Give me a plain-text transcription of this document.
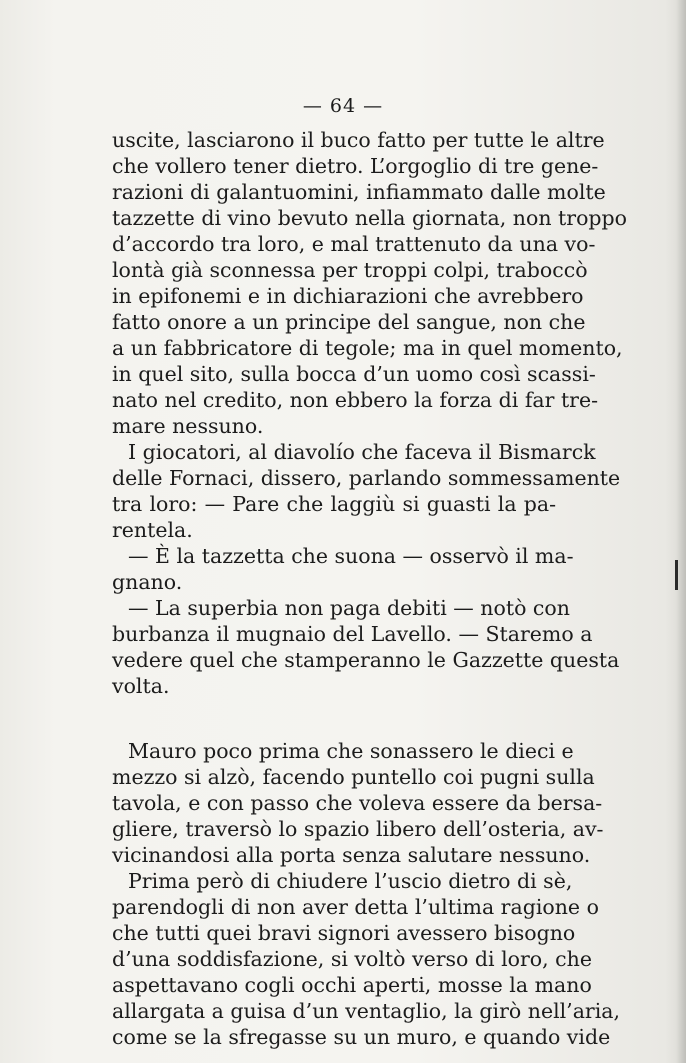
— 64 —
uscite, lasciarono il buco fatto per tutte le altre
che vollero tener dietro. L’orgoglio di tre gene-
razioni di galantuomini, infiammato dalle molte
tazzette di vino bevuto nella giornata, non troppo
d’accordo tra loro, e mal trattenuto da una vo-
lontà già sconnessa per troppi colpi, traboccò
in epifonemi e in dichiarazioni che avrebbero
fatto onore a un principe del sangue, non che
a un fabbricatore di tegole; ma in quel momento,
in quel sito, sulla bocca d’un uomo così scassi-
nato nel credito, non ebbero la forza di far tre-
mare nessuno.
I giocatori, al diavolío che faceva il Bismarck
delle Fornaci, dissero, parlando sommessamente
tra loro: — Pare che laggiù si guasti la pa-
rentela.
— È la tazzetta che suona — osservò il ma-
gnano.
— La superbia non paga debiti — notò con
burbanza il mugnaio del Lavello. — Staremo a
vedere quel che stamperanno le Gazzette questa
volta.
Mauro poco prima che sonassero le dieci e
mezzo si alzò, facendo puntello coi pugni sulla
tavola, e con passo che voleva essere da bersa-
gliere, traversò lo spazio libero dell’osteria, av-
vicinandosi alla porta senza salutare nessuno.
Prima però di chiudere l’uscio dietro di sè,
parendogli di non aver detta l’ultima ragione o
che tutti quei bravi signori avessero bisogno
d’una soddisfazione, si voltò verso di loro, che
aspettavano cogli occhi aperti, mosse la mano
allargata a guisa d’un ventaglio, la girò nell’aria,
come se la sfregasse su un muro, e quando vide
